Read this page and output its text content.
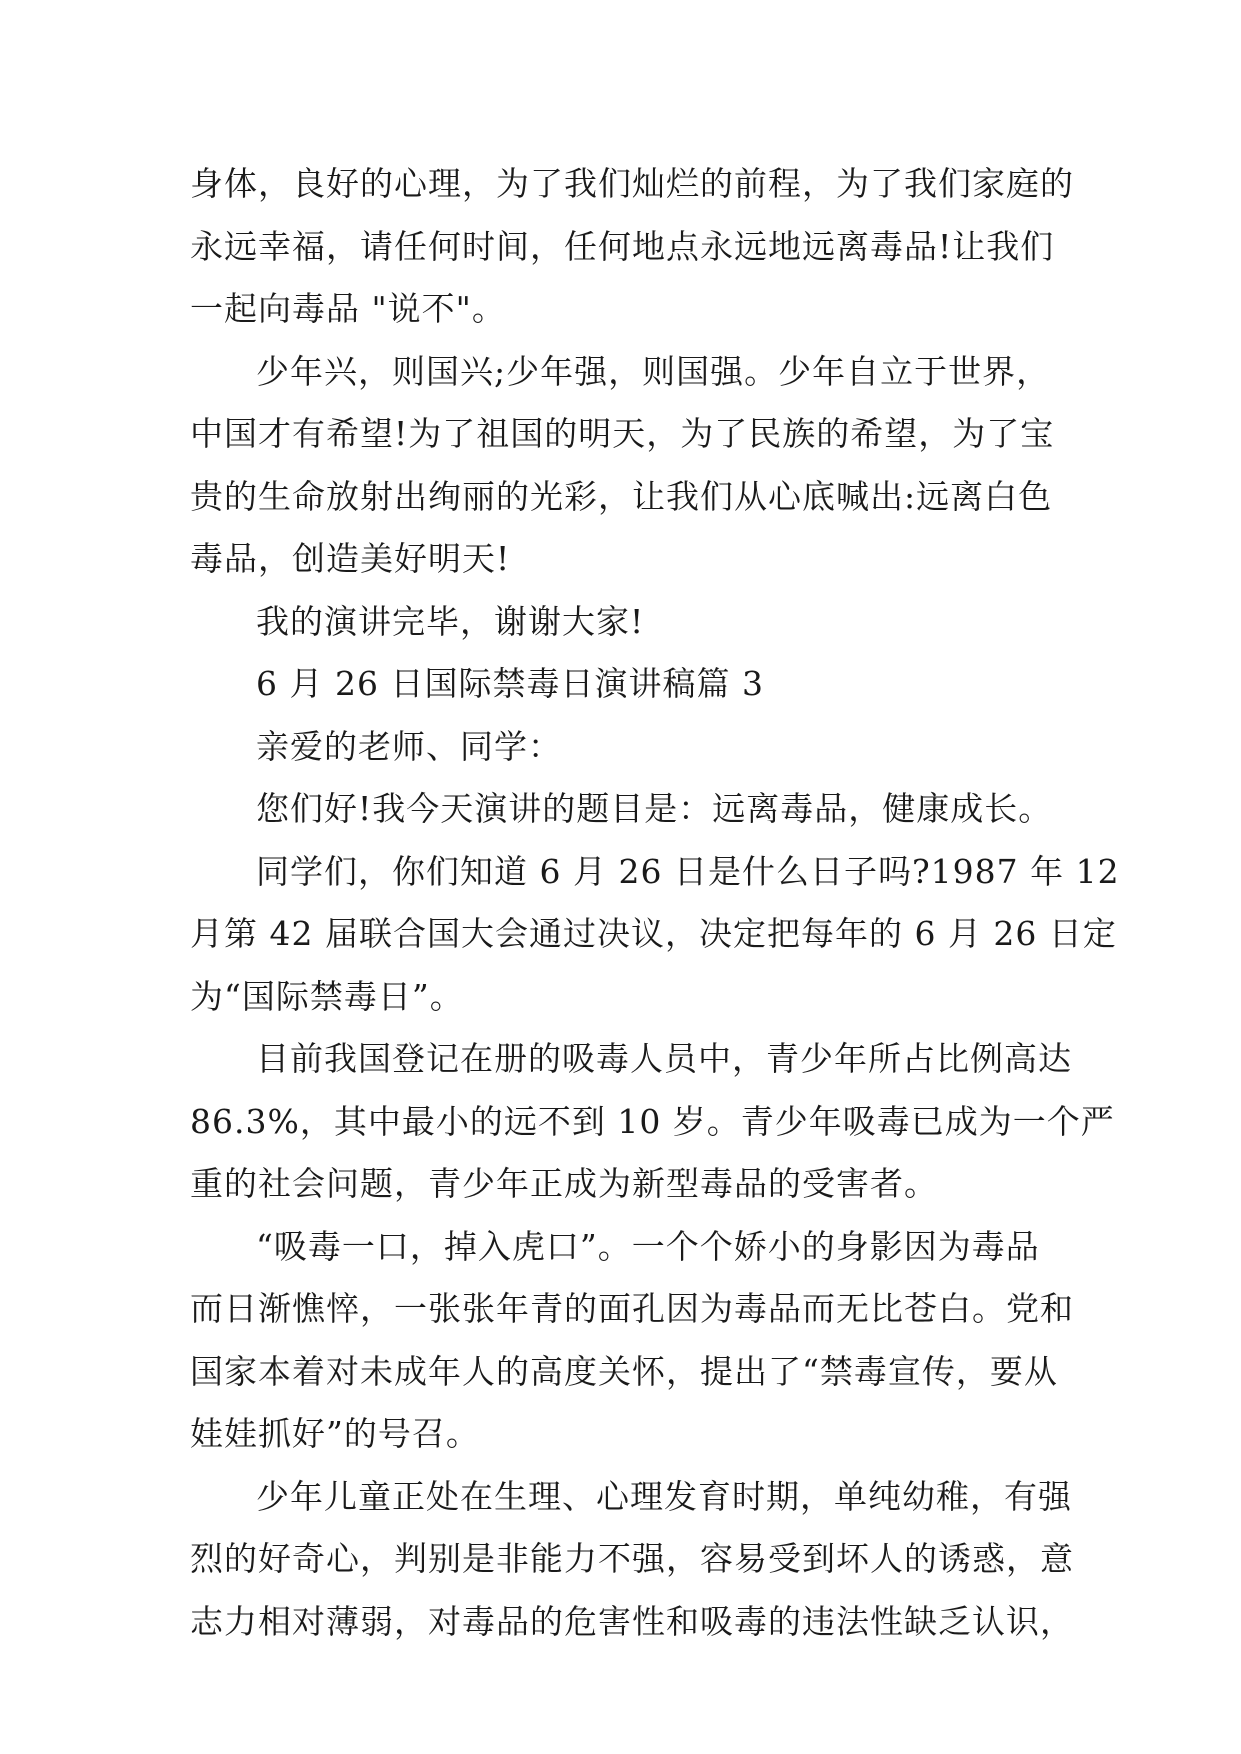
身体，良好的心理，为了我们灿烂的前程，为了我们家庭的
永远幸福，请任何时间，任何地点永远地远离毒品!让我们
一起向毒品 "说不"。
少年兴，则国兴;少年强，则国强。少年自立于世界，
中国才有希望!为了祖国的明天，为了民族的希望，为了宝
贵的生命放射出绚丽的光彩，让我们从心底喊出:远离白色
毒品，创造美好明天!
我的演讲完毕，谢谢大家!
6 月 26 日国际禁毒日演讲稿篇 3
亲爱的老师、同学：
您们好!我今天演讲的题目是：远离毒品，健康成长。
同学们，你们知道 6 月 26 日是什么日子吗?1987 年 12
月第 42 届联合国大会通过决议，决定把每年的 6 月 26 日定
为“国际禁毒日”。
目前我国登记在册的吸毒人员中，青少年所占比例高达
86.3%，其中最小的远不到 10 岁。青少年吸毒已成为一个严
重的社会问题，青少年正成为新型毒品的受害者。
“吸毒一口，掉入虎口”。一个个娇小的身影因为毒品
而日渐憔悴，一张张年青的面孔因为毒品而无比苍白。党和
国家本着对未成年人的高度关怀，提出了“禁毒宣传，要从
娃娃抓好”的号召。
少年儿童正处在生理、心理发育时期，单纯幼稚，有强
烈的好奇心，判别是非能力不强，容易受到坏人的诱惑，意
志力相对薄弱，对毒品的危害性和吸毒的违法性缺乏认识，
